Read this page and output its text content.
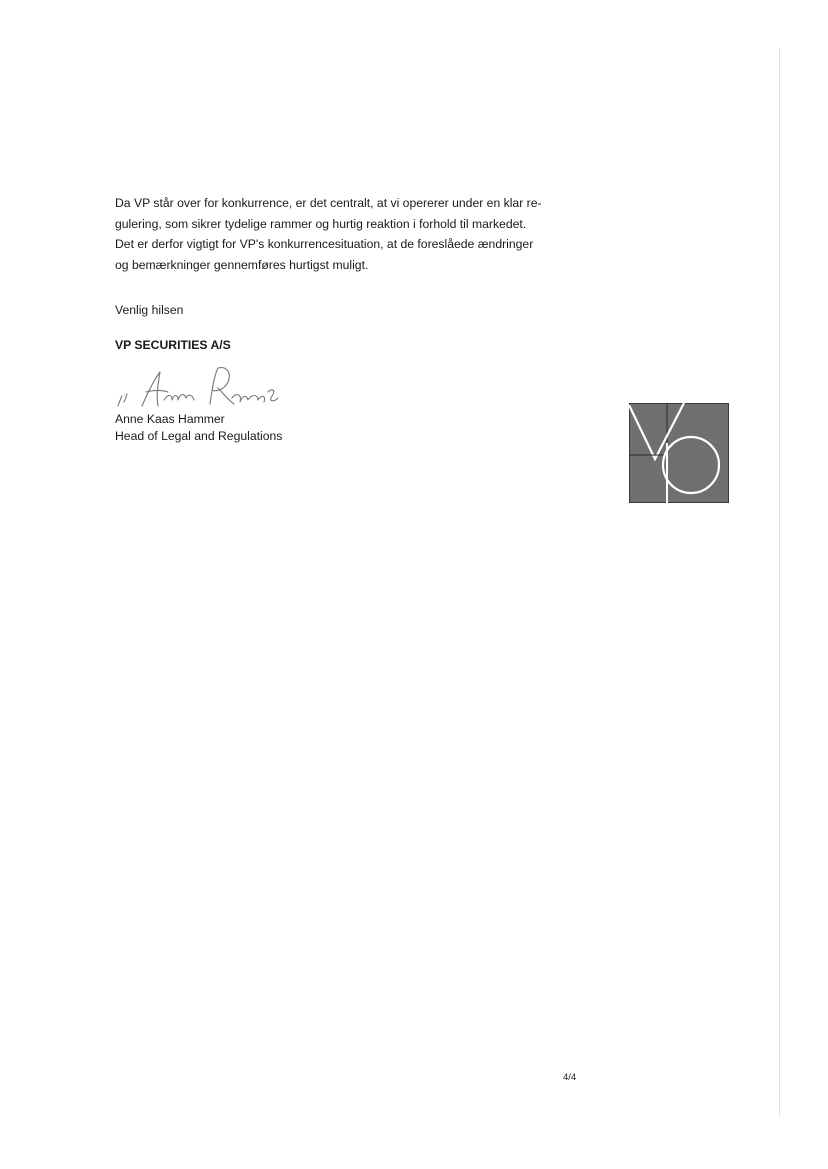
Da VP står over for konkurrence, er det centralt, at vi opererer under en klar re-
gulering, som sikrer tydelige rammer og hurtig reaktion i forhold til markedet.
Det er derfor vigtigt for VP's konkurrencesituation, at de foreslåede ændringer
og bemærkninger gennemføres hurtigst muligt.

Venlig hilsen

VP SECURITIES A/S

Anne Kaas Hammer

Head of Legal and Regulations

4/4
